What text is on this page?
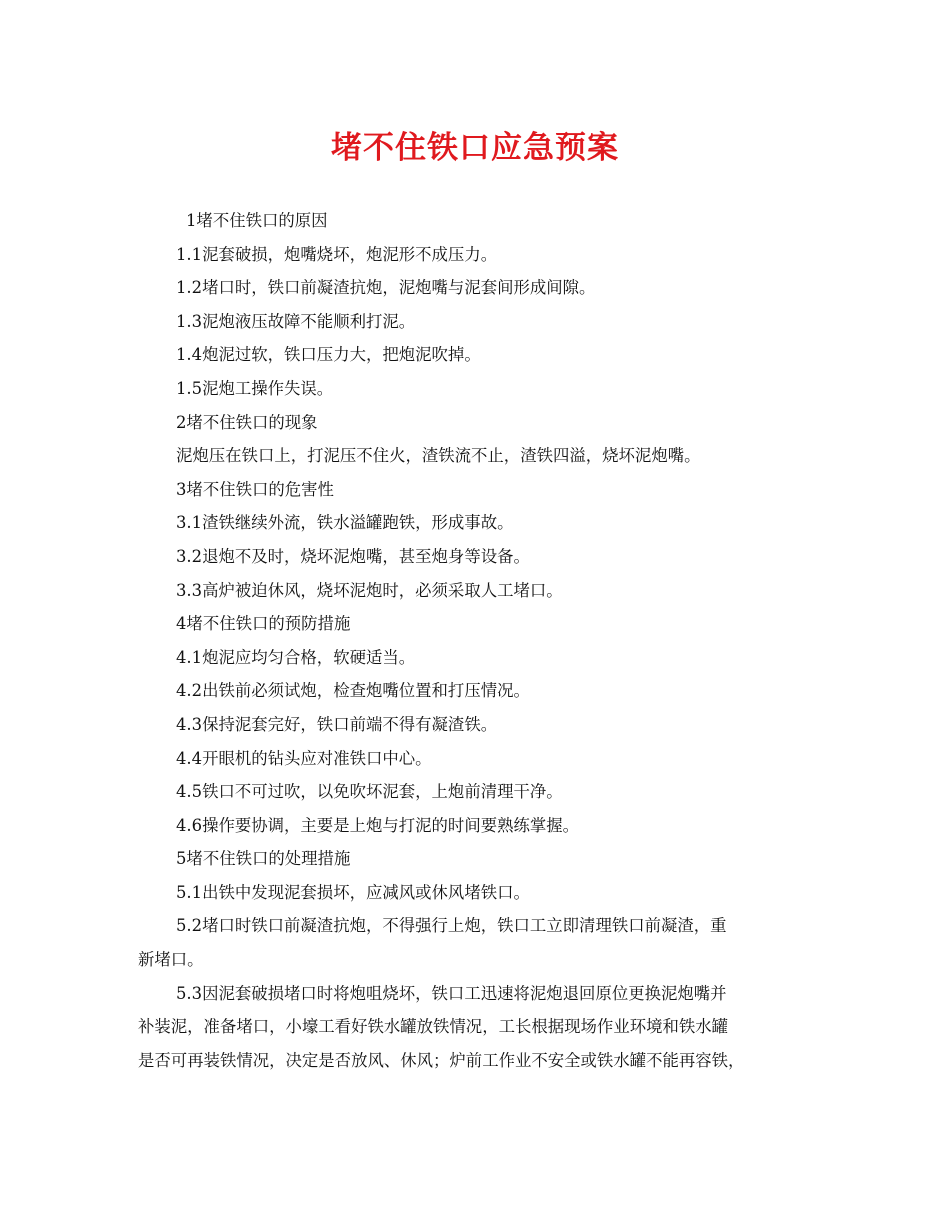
堵不住铁口应急预案
1堵不住铁口的原因
1.1泥套破损，炮嘴烧坏，炮泥形不成压力。
1.2堵口时，铁口前凝渣抗炮，泥炮嘴与泥套间形成间隙。
1.3泥炮液压故障不能顺利打泥。
1.4炮泥过软，铁口压力大，把炮泥吹掉。
1.5泥炮工操作失误。
2堵不住铁口的现象
泥炮压在铁口上，打泥压不住火，渣铁流不止，渣铁四溢，烧坏泥炮嘴。
3堵不住铁口的危害性
3.1渣铁继续外流，铁水溢罐跑铁，形成事故。
3.2退炮不及时，烧坏泥炮嘴，甚至炮身等设备。
3.3高炉被迫休风，烧坏泥炮时，必须采取人工堵口。
4堵不住铁口的预防措施
4.1炮泥应均匀合格，软硬适当。
4.2出铁前必须试炮，检查炮嘴位置和打压情况。
4.3保持泥套完好，铁口前端不得有凝渣铁。
4.4开眼机的钻头应对准铁口中心。
4.5铁口不可过吹，以免吹坏泥套，上炮前清理干净。
4.6操作要协调，主要是上炮与打泥的时间要熟练掌握。
5堵不住铁口的处理措施
5.1出铁中发现泥套损坏，应减风或休风堵铁口。
5.2堵口时铁口前凝渣抗炮，不得强行上炮，铁口工立即清理铁口前凝渣，重
新堵口。
5.3因泥套破损堵口时将炮咀烧坏，铁口工迅速将泥炮退回原位更换泥炮嘴并
补装泥，准备堵口，小壕工看好铁水罐放铁情况，工长根据现场作业环境和铁水罐
是否可再装铁情况，决定是否放风、休风；炉前工作业不安全或铁水罐不能再容铁，
